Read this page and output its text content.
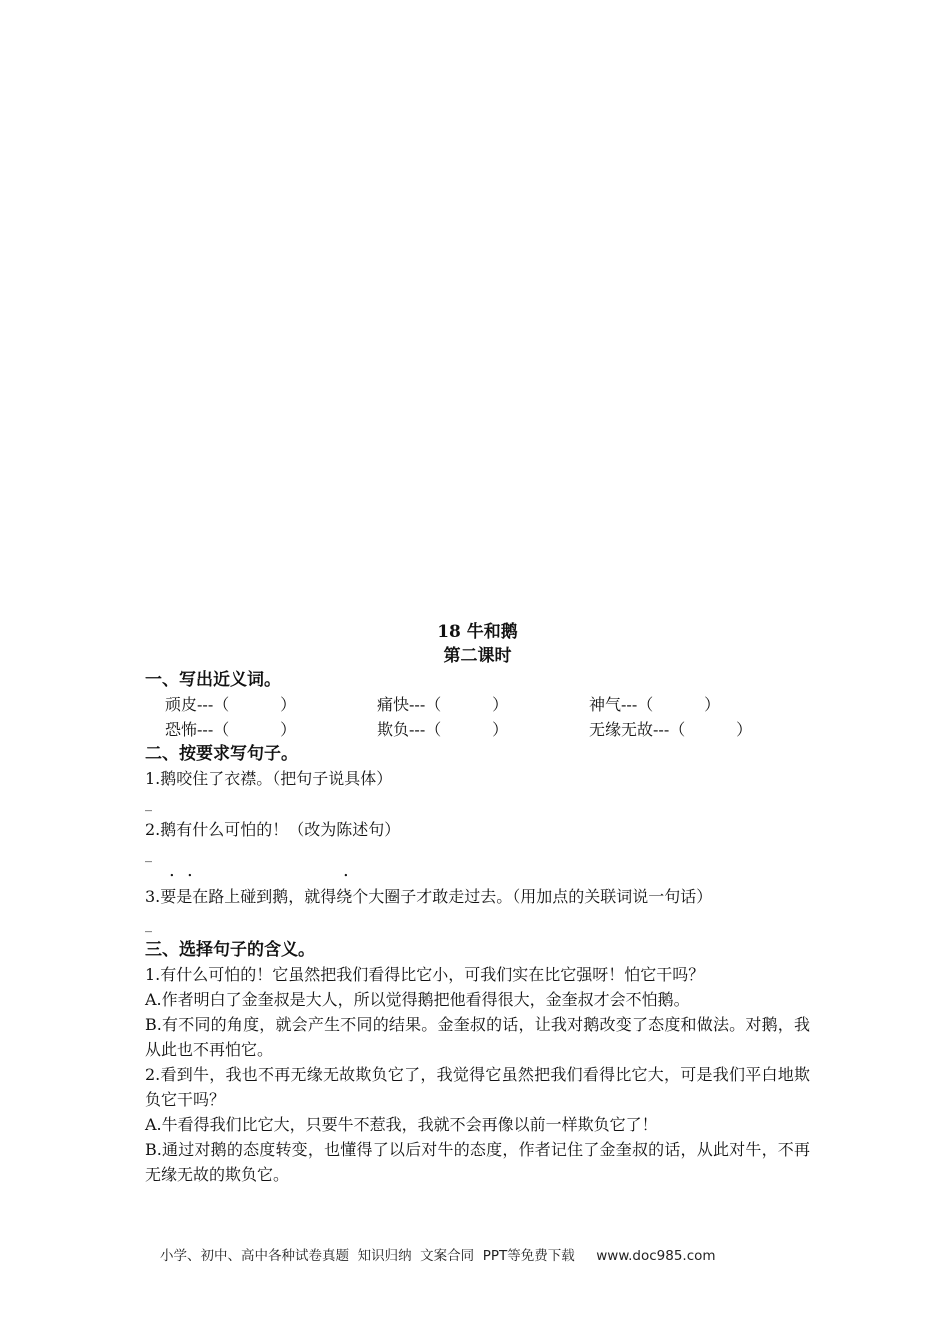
18 牛和鹅
第二课时

一、写出近义词。

顽皮---（          ）	痛快---（          ）	神气---（          ）
恐怖---（          ）	欺负---（          ）	无缘无故---（          ）

二、按要求写句子。

1.鹅咬住了衣襟。（把句子说具体）

_

2.鹅有什么可怕的！（改为陈述句）

_

. .	.

3.要是在路上碰到鹅，就得绕个大圈子才敢走过去。（用加点的关联词说一句话）

_

三、选择句子的含义。

1.有什么可怕的！它虽然把我们看得比它小，可我们实在比它强呀！怕它干吗？

A.作者明白了金奎叔是大人，所以觉得鹅把他看得很大，金奎叔才会不怕鹅。

B.有不同的角度，就会产生不同的结果。金奎叔的话，让我对鹅改变了态度和做法。对鹅，我从此也不再怕它。

2.看到牛，我也不再无缘无故欺负它了，我觉得它虽然把我们看得比它大，可是我们平白地欺负它干吗？

A.牛看得我们比它大，只要牛不惹我，我就不会再像以前一样欺负它了！

B.通过对鹅的态度转变，也懂得了以后对牛的态度，作者记住了金奎叔的话，从此对牛，不再无缘无故的欺负它。

小学、初中、高中各种试卷真题  知识归纳  文案合同  PPT等免费下载     www.doc985.com
